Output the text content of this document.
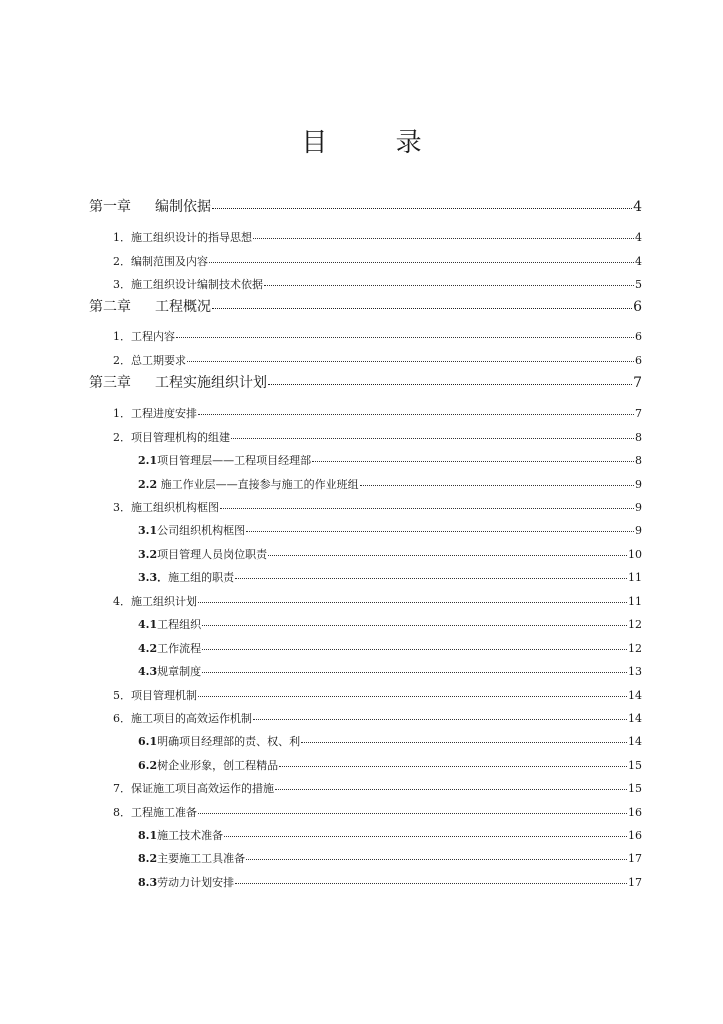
目 录
第一章 编制依据	4
1．施工组织设计的指导思想	4
2．编制范围及内容	4
3．施工组织设计编制技术依据	5
第二章 工程概况	6
1．工程内容	6
2．总工期要求	6
第三章 工程实施组织计划	7
1．工程进度安排	7
2．项目管理机构的组建	8
2.1项目管理层——工程项目经理部	8
2.2 施工作业层——直接参与施工的作业班组	9
3．施工组织机构框图	9
3.1公司组织机构框图	9
3.2项目管理人员岗位职责	10
3.3．施工组的职责	11
4．施工组织计划	11
4.1工程组织	12
4.2工作流程	12
4.3规章制度	13
5．项目管理机制	14
6．施工项目的高效运作机制	14
6.1明确项目经理部的责、权、利	14
6.2树企业形象，创工程精品	15
7．保证施工项目高效运作的措施	15
8．工程施工准备	16
8.1施工技术准备	16
8.2主要施工工具准备	17
8.3劳动力计划安排	17
